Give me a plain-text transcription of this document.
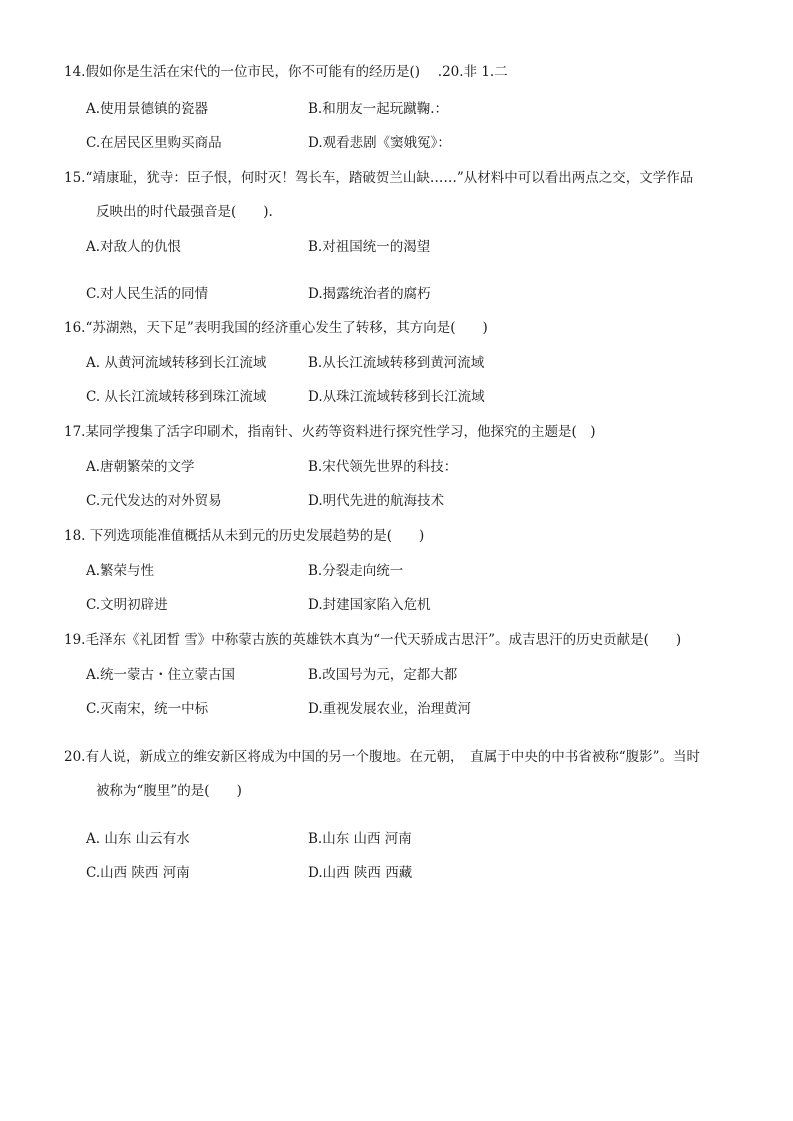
14.假如你是生活在宋代的一位市民，你不可能有的经历是()　 .20.非 1.二
A.使用景德镇的瓷器	B.和朋友一起玩蹴鞠.：
C.在居民区里购买商品	D.观看悲剧《窦娥冤》：
15.“靖康耻，犹寺：臣子恨，何时灭！驾长车，踏破贺兰山缺……”从材料中可以看出两点之交，文学作品
反映出的时代最强音是(　　).
A.对敌人的仇恨	B.对祖国统一的渴望
C.对人民生活的同情	D.揭露统治者的腐朽
16.“苏湖熟，天下足”表明我国的经济重心发生了转移，其方向是(　　)
A. 从黄河流域转移到长江流域	B.从长江流域转移到黄河流域
C. 从长江流域转移到珠江流域	D.从珠江流域转移到长江流域
17.某同学搜集了活字印刷术，指南针、火药等资料进行探究性学习，他探究的主题是(　)
A.唐朝繁荣的文学	B.宋代领先世界的科技：
C.元代发达的对外贸易	D.明代先进的航海技术
18. 下列选项能准值概括从未到元的历史发展趋势的是(　　)
A.繁荣与性	B.分裂走向统一
C.文明初辟进	D.封建国家陷入危机
19.毛泽东《礼团晳 雪》中称蒙古族的英雄铁木真为“一代天骄成古思汗”。成吉思汗的历史贡献是(　　)
A.统一蒙古・住立蒙古国	B.改国号为元，定都大都
C.灭南宋，统一中标	D.重视发展农业，治理黄河
20.有人说，新成立的维安新区将成为中国的另一个腹地。在元朝，　直属于中央的中书省被称“腹影”。当时
被称为“腹里”的是(　　)
A. 山东 山云有水	B.山东 山西 河南
C.山西 陕西 河南	D.山西 陕西 西藏
